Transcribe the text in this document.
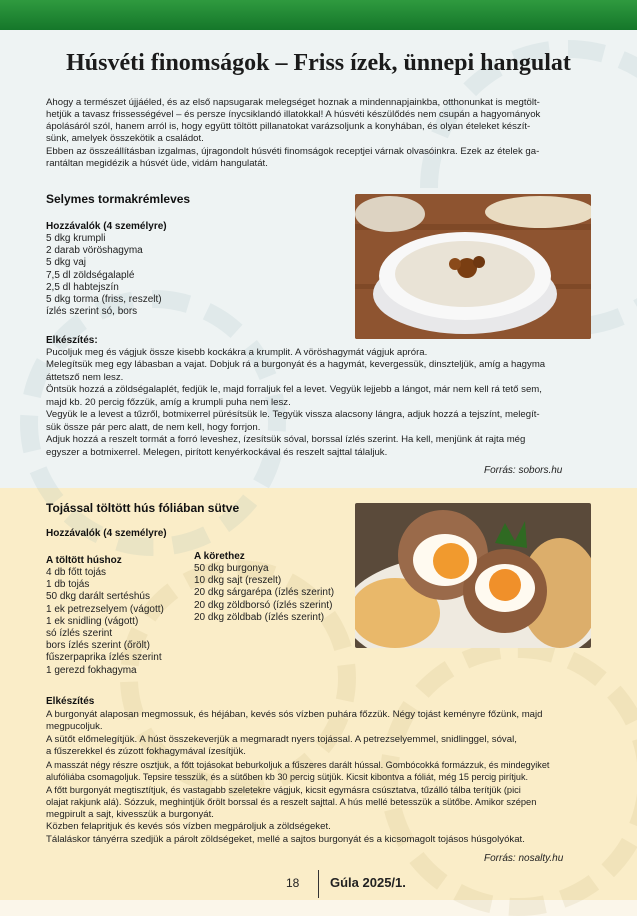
Húsvéti finomságok – Friss ízek, ünnepi hangulat

Ahogy a természet újjáéled, és az első napsugarak melegséget hoznak a mindennapjainkba, otthonunkat is megtölt-

hetjük a tavasz frissességével – és persze ínycsiklandó illatokkal! A húsvéti készülődés nem csupán a hagyományok

ápolásáról szól, hanem arról is, hogy együtt töltött pillanatokat varázsoljunk a konyhában, és olyan ételeket készít-

sünk, amelyek összekötik a családot.

Ebben az összeállításban izgalmas, újragondolt húsvéti finomságok receptjei várnak olvasóinkra. Ezek az ételek ga-

rantáltan megidézik a húsvét üde, vidám hangulatát.

Selymes tormakrémleves
Hozzávalók (4 személyre)
5 dkg krumpli
2 darab vöröshagyma
5 dkg vaj
7,5 dl zöldségalaplé
2,5 dl habtejszín
5 dkg torma (friss, reszelt)
ízlés szerint só, bors
Elkészítés:

Pucoljuk meg és vágjuk össze kisebb kockákra a krumplit. A vöröshagymát vágjuk apróra.

Melegítsük meg egy lábasban a vajat. Dobjuk rá a burgonyát és a hagymát, kevergessük, dinszteljük, amíg a hagyma

áttetsző nem lesz.

Öntsük hozzá a zöldségalaplét, fedjük le, majd forraljuk fel a levet. Vegyük lejjebb a lángot, már nem kell rá tető sem,

majd kb. 20 percig főzzük, amíg a krumpli puha nem lesz.

Vegyük le a levest a tűzről, botmixerrel pürésítsük le. Tegyük vissza alacsony lángra, adjuk hozzá a tejszínt, melegít-

sük össze pár perc alatt, de nem kell, hogy forrjon.

Adjuk hozzá a reszelt tormát a forró leveshez, ízesítsük sóval, borssal ízlés szerint. Ha kell, menjünk át rajta még

egyszer a botmixerrel. Melegen, pirított kenyérkockával és reszelt sajttal tálaljuk.

Forrás: sobors.hu
Tojással töltött hús fóliában sütve
Hozzávalók (4 személyre)
A töltött húshoz
4 db főtt tojás
1 db tojás
50 dkg darált sertéshús
1 ek petrezselyem (vágott)
1 ek snidling (vágott)
só ízlés szerint
bors ízlés szerint (őrölt)
fűszerpaprika ízlés szerint
1 gerezd fokhagyma
A körethez
50 dkg burgonya
10 dkg sajt (reszelt)
20 dkg sárgarépa (ízlés szerint)
20 dkg zöldborsó (ízlés szerint)
20 dkg zöldbab (ízlés szerint)
Elkészítés

A burgonyát alaposan megmossuk, és héjában, kevés sós vízben puhára főzzük. Négy tojást keményre főzünk, majd

megpucoljuk.

A sütőt előmelegítjük. A húst összekeverjük a megmaradt nyers tojással. A petrezselyemmel, snidlinggel, sóval,

a fűszerekkel és zúzott fokhagymával ízesítjük.

A masszát négy részre osztjuk, a főtt tojásokat beburkoljuk a fűszeres darált hússal. Gombócokká formázzuk, és mindegyiket

alufóliába csomagoljuk. Tepsire tesszük, és a sütőben kb 30 percig sütjük. Kicsit kibontva a fóliát, még 15 percig pirítjuk.

A főtt burgonyát megtisztítjuk, és vastagabb szeletekre vágjuk, kicsit egymásra csúsztatva, tűzálló tálba terítjük (pici

olajat rakjunk alá). Sózzuk, meghintjük őrölt borssal és a reszelt sajttal. A hús mellé betesszük a sütőbe. Amikor szépen

megpirult a sajt, kivesszük a burgonyát.

Közben felapritjuk és kevés sós vízben megpároljuk a zöldségeket.

Tálaláskor tányérra szedjük a párolt zöldségeket, mellé a sajtos burgonyát és a kicsomagolt tojásos húsgolyókat.

Forrás: nosalty.hu
18 Gúla 2025/1.
